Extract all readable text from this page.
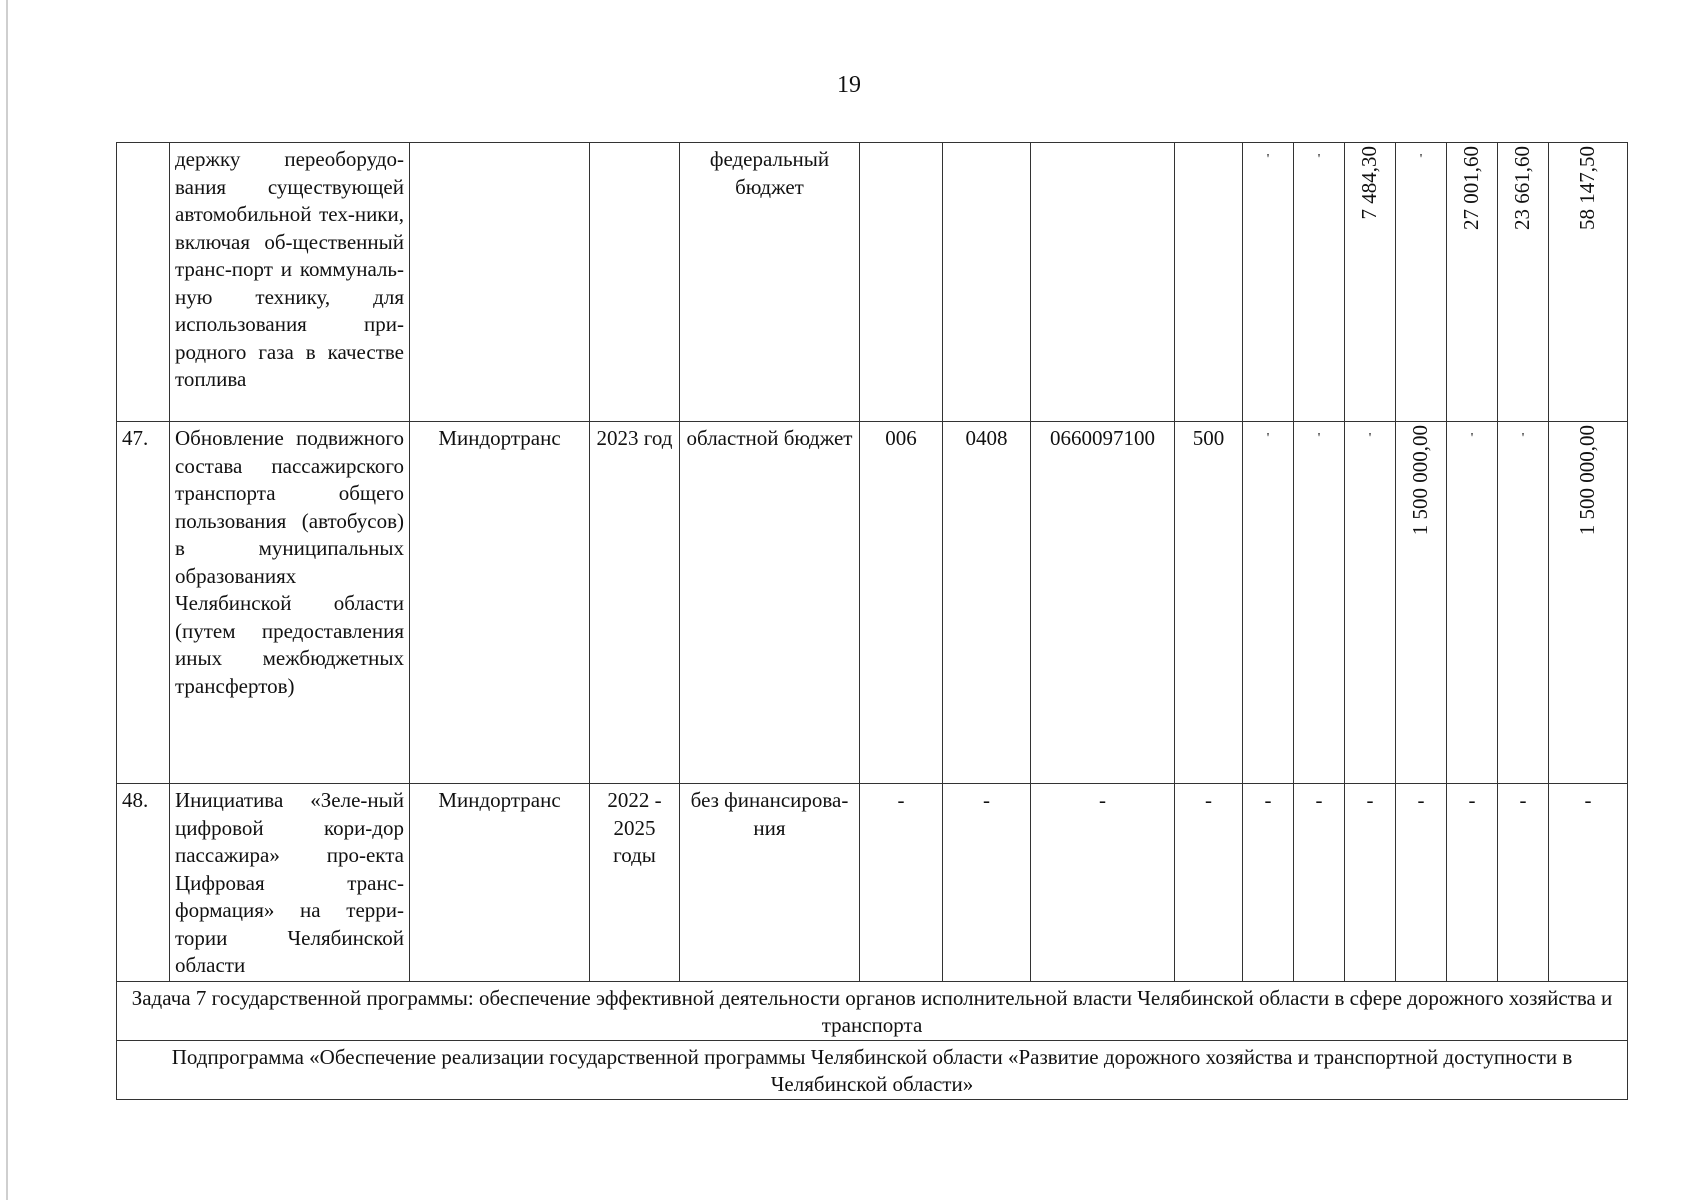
19
	держку переоборудо-вания существующей автомобильной тех-ники, включая об-щественный транс-порт и коммуналь-ную технику, для использования при-родного газа в качестве топлива			федеральный бюджет					'	'	7 484,30	'	27 001,60	23 661,60	58 147,50

47.	Обновление подвижного состава пассажирского транспорта общего пользования (автобусов) в муниципальных образованиях Челябинской области (путем предоставления иных межбюджетных трансфертов)	Миндортранс	2023 год	областной бюджет	006	0408	0660097100	500	'	'	'	1 500 000,00	'	'	1 500 000,00

48.	Инициатива «Зеле-ный цифровой кори-дор пассажира» про-екта Цифровая транс-формация» на терри-тории Челябинской области	Миндортранс	2022 - 2025 годы	без финансирова-ния	-	-	-	-	-	-	-	-	-	-	-
Задача 7 государственной программы: обеспечение эффективной деятельности органов исполнительной власти Челябинской области в сфере дорожного хозяйства и транспорта															
Подпрограмма «Обеспечение реализации государственной программы Челябинской области «Развитие дорожного хозяйства и транспортной доступности в Челябинской области»															
